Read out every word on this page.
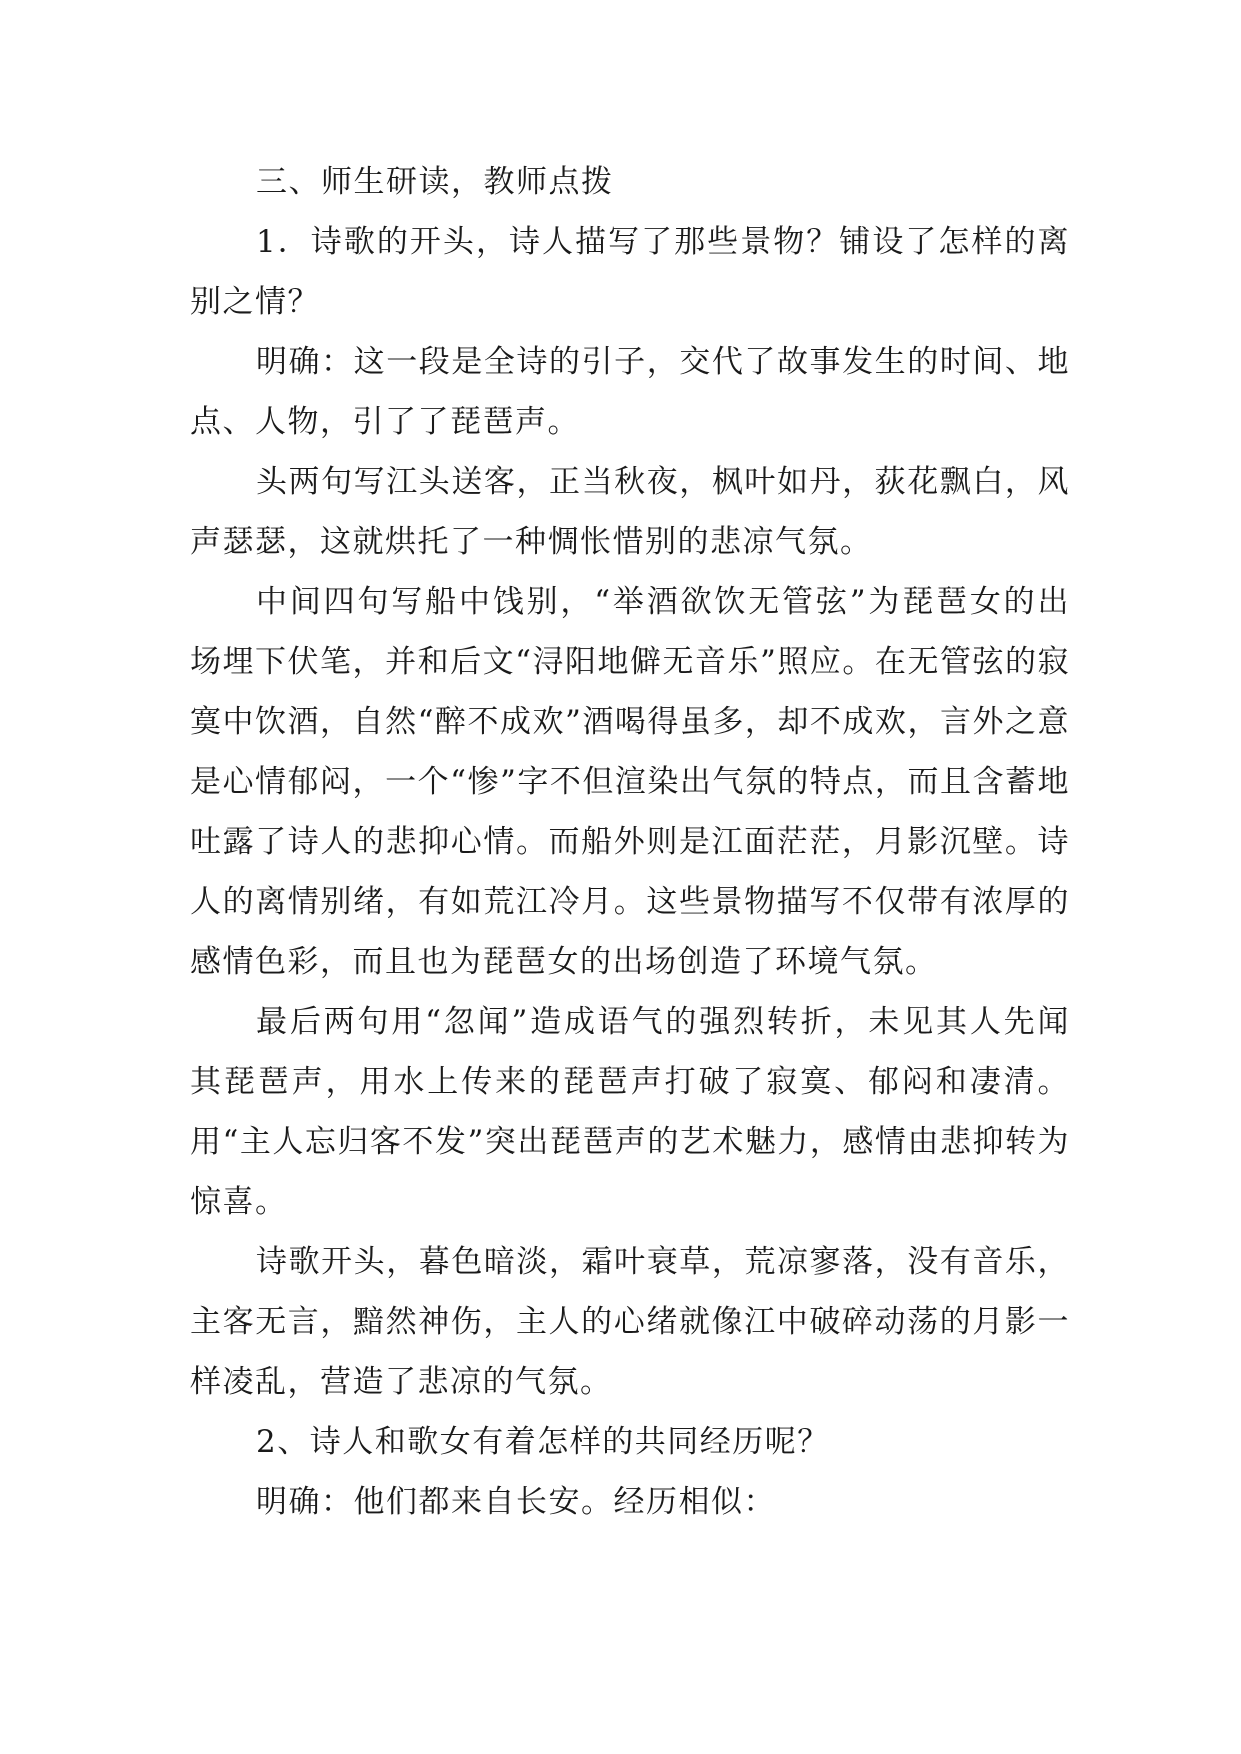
三、师生研读，教师点拨

1．诗歌的开头，诗人描写了那些景物？铺设了怎样的离别之情？

明确：这一段是全诗的引子，交代了故事发生的时间、地点、人物，引了了琵琶声。

头两句写江头送客，正当秋夜，枫叶如丹，荻花飘白，风声瑟瑟，这就烘托了一种惆怅惜别的悲凉气氛。

中间四句写船中饯别，“举酒欲饮无管弦”为琵琶女的出场埋下伏笔，并和后文“浔阳地僻无音乐”照应。在无管弦的寂寞中饮酒，自然“醉不成欢”酒喝得虽多，却不成欢，言外之意是心情郁闷，一个“惨”字不但渲染出气氛的特点，而且含蓄地吐露了诗人的悲抑心情。而船外则是江面茫茫，月影沉壁。诗人的离情别绪，有如荒江冷月。这些景物描写不仅带有浓厚的感情色彩，而且也为琵琶女的出场创造了环境气氛。

最后两句用“忽闻”造成语气的强烈转折，未见其人先闻其琵琶声，用水上传来的琵琶声打破了寂寞、郁闷和凄清。用“主人忘归客不发”突出琵琶声的艺术魅力，感情由悲抑转为惊喜。

诗歌开头，暮色暗淡，霜叶衰草，荒凉寥落，没有音乐，主客无言，黯然神伤，主人的心绪就像江中破碎动荡的月影一样凌乱，营造了悲凉的气氛。

2、诗人和歌女有着怎样的共同经历呢？

明确：他们都来自长安。经历相似：
